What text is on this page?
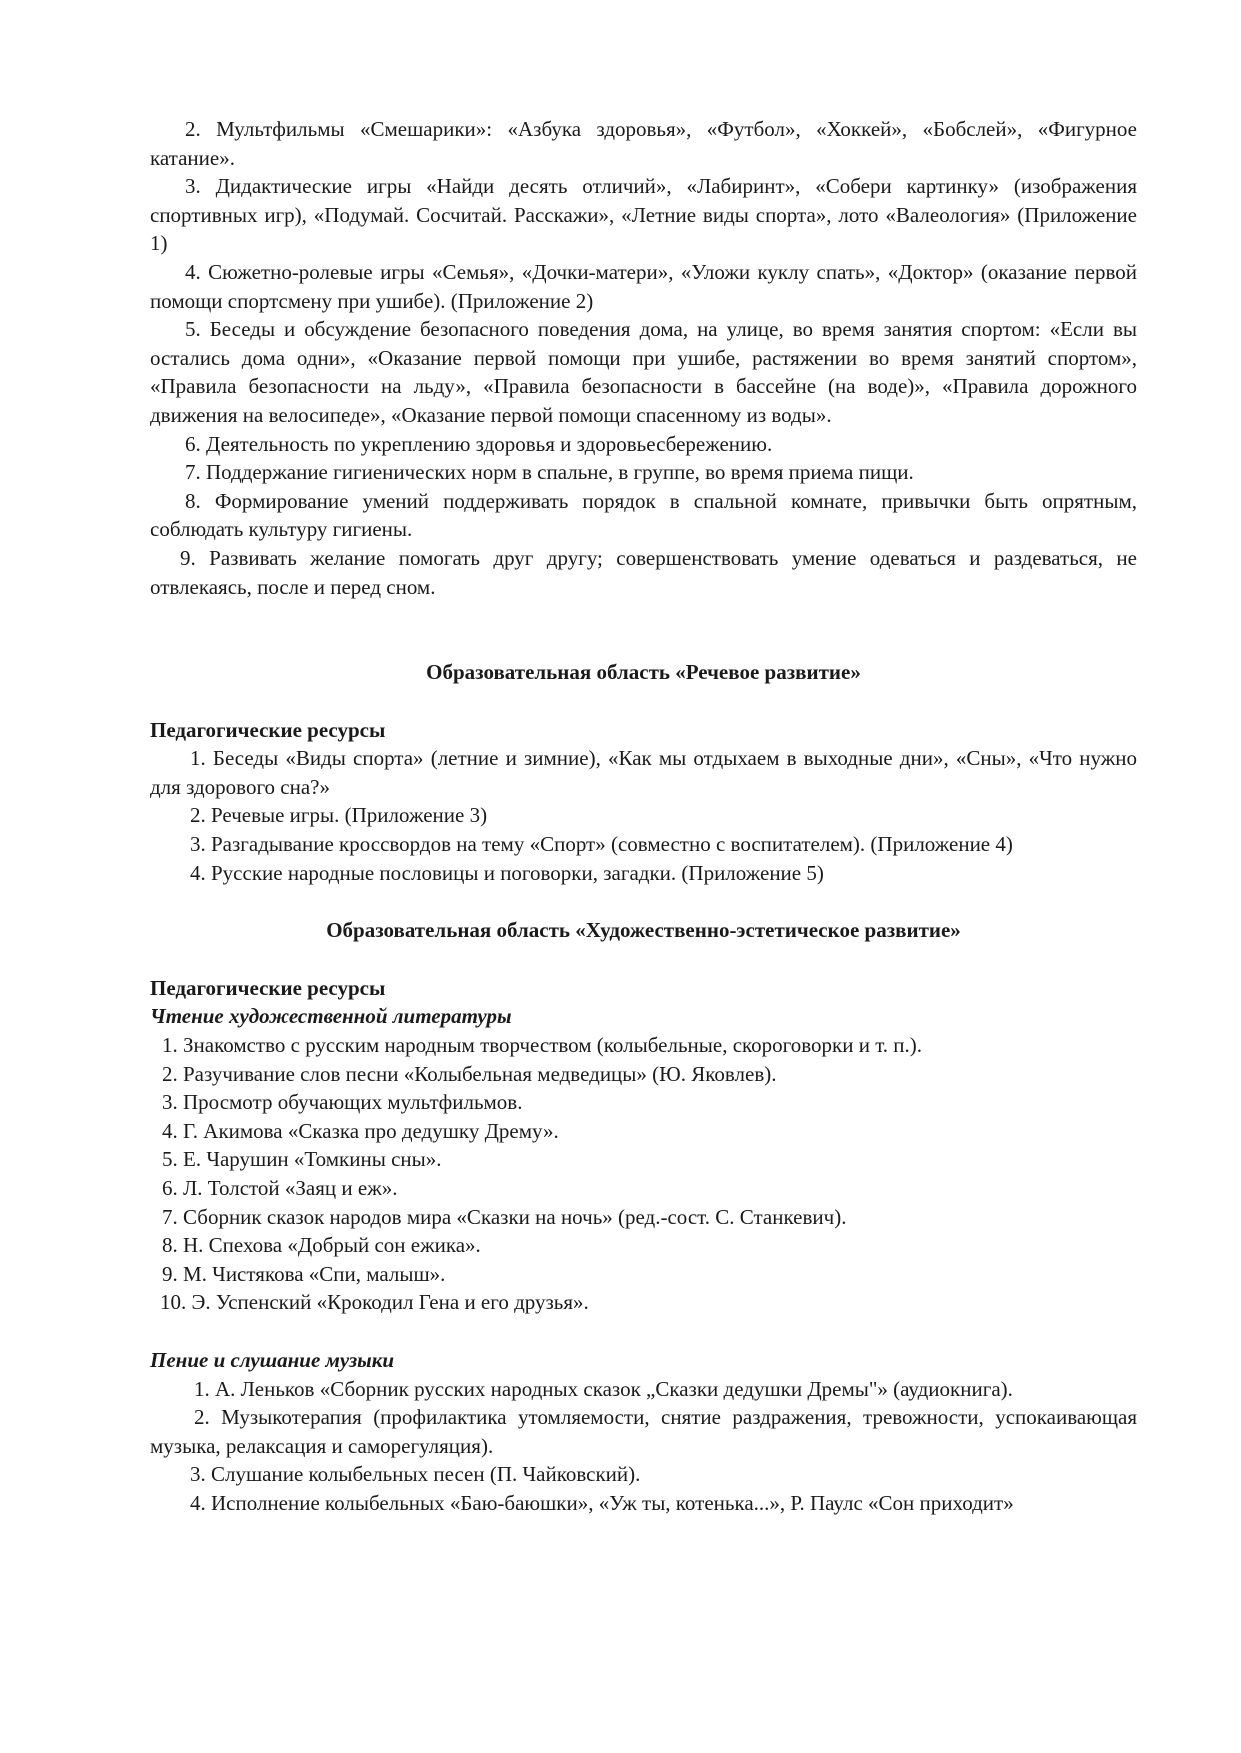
2. Мультфильмы «Смешарики»: «Азбука здоровья», «Футбол», «Хоккей», «Бобслей», «Фигурное катание».

3. Дидактические игры «Найди десять отличий», «Лабиринт», «Собери картинку» (изображения спортивных игр), «Подумай. Сосчитай. Расскажи», «Летние виды спорта», лото «Валеология» (Приложение 1)

4. Сюжетно-ролевые игры «Семья», «Дочки-матери», «Уложи куклу спать», «Доктор» (оказание первой помощи спортсмену при ушибе). (Приложение 2)

5. Беседы и обсуждение безопасного поведения дома, на улице, во время занятия спортом: «Если вы остались дома одни», «Оказание первой помощи при ушибе, растяжении во время занятий спортом», «Правила безопасности на льду», «Правила безопасности в бассейне (на воде)», «Правила дорожного движения на велосипеде», «Оказание первой помощи спасенному из воды».

6. Деятельность по укреплению здоровья и здоровьесбережению.

7. Поддержание гигиенических норм в спальне, в группе, во время приема пищи.

8. Формирование умений поддерживать порядок в спальной комнате, привычки быть опрятным, соблюдать культуру гигиены.

9. Развивать желание помогать друг другу; совершенствовать умение одеваться и раздеваться, не отвлекаясь, после и перед сном.

Образовательная область «Речевое развитие»

Педагогические ресурсы

1. Беседы «Виды спорта» (летние и зимние), «Как мы отдыхаем в выходные дни», «Сны», «Что нужно для здорового сна?»

2. Речевые игры. (Приложение 3)

3. Разгадывание кроссвордов на тему «Спорт» (совместно с воспитателем). (Приложение 4)

4. Русские народные пословицы и поговорки, загадки. (Приложение 5)

Образовательная область «Художественно-эстетическое развитие»

Педагогические ресурсы

Чтение художественной литературы

1. Знакомство с русским народным творчеством (колыбельные, скороговорки и т. п.).

2. Разучивание слов песни «Колыбельная медведицы» (Ю. Яковлев).

3. Просмотр обучающих мультфильмов.

4. Г. Акимова «Сказка про дедушку Дрему».

5. Е. Чарушин «Томкины сны».

6. Л. Толстой «Заяц и еж».

7. Сборник сказок народов мира «Сказки на ночь» (ред.-сост. С. Станкевич).

8. Н. Спехова «Добрый сон ежика».

9. М. Чистякова «Спи, малыш».

10. Э. Успенский «Крокодил Гена и его друзья».

Пение и слушание музыки

1. А. Леньков «Сборник русских народных сказок „Сказки дедушки Дремы"» (аудиокнига).

2. Музыкотерапия (профилактика утомляемости, снятие раздражения, тревожности, успокаивающая музыка, релаксация и саморегуляция).

3. Слушание колыбельных песен (П. Чайковский).

4. Исполнение колыбельных «Баю-баюшки», «Уж ты, котенька...», Р. Паулс «Сон приходит»
